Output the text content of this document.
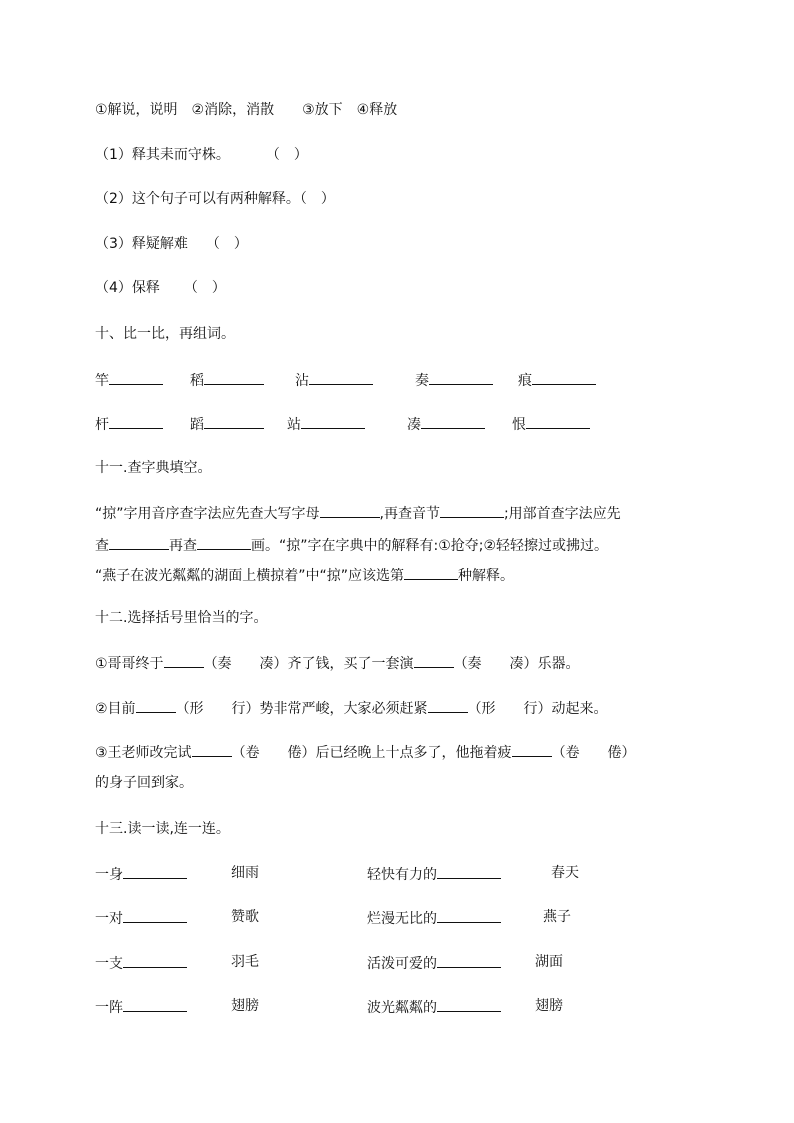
①解说，说明　②消除，消散　　③放下　④释放
（1）释其耒而守株。	（　）
（2）这个句子可以有两种解释。（　）
（3）释疑解难 （　）
（4）保释 （　）
十、比一比，再组词。
竿	稻	沾	奏	痕
杆	蹈	站	凑	恨
十一.查字典填空。
“掠”字用音序查字法应先查大写字母	,再查音节	;用部首查字法应先
查	再查	画。“掠”字在字典中的解释有:①抢夺;②轻轻擦过或拂过。
“燕子在波光粼粼的湖面上横掠着”中“掠”应该选第	种解释。
十二.选择括号里恰当的字。
①哥哥终于	（奏　　凑）齐了钱，买了一套演	（奏　　凑）乐器。
②目前	（形　　行）势非常严峻，大家必须赶紧	（形　　行）动起来。
③王老师改完试	（卷　　倦）后已经晚上十点多了，他拖着疲	（卷　　倦）
的身子回到家。
十三.读一读,连一连。
一身	细雨	轻快有力的	春天
一对	赞歌	烂漫无比的	燕子
一支	羽毛	活泼可爱的	湖面
一阵	翅膀	波光粼粼的	翅膀
